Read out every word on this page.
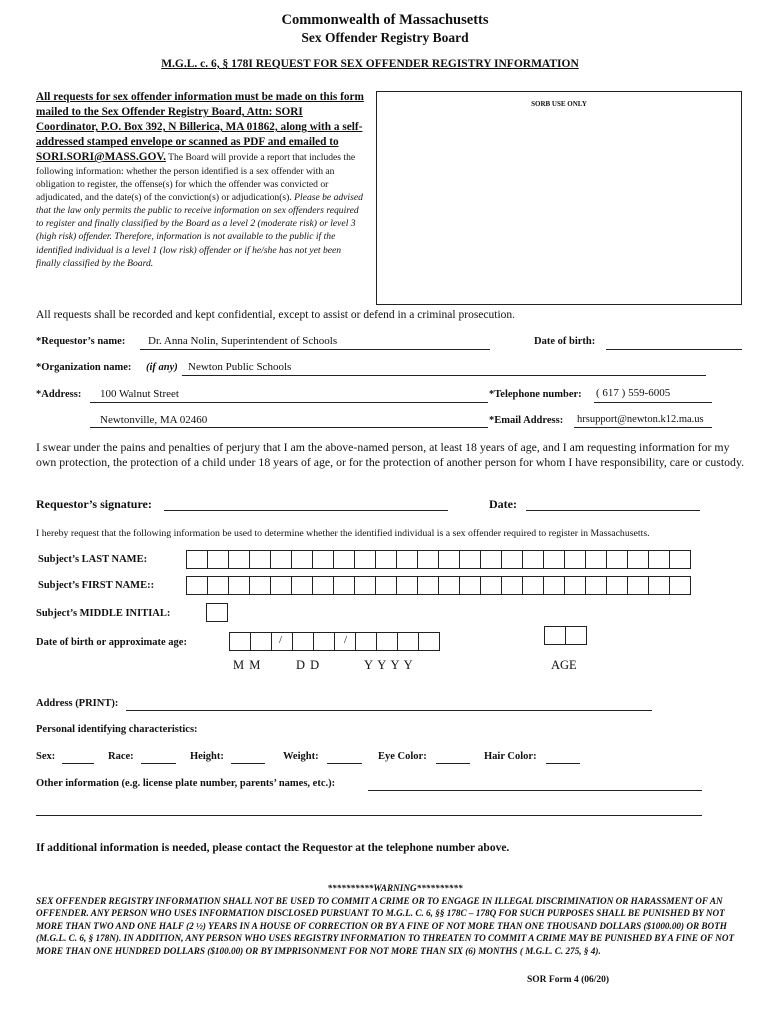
Commonwealth of Massachusetts
Sex Offender Registry Board
M.G.L. c. 6, § 178I REQUEST FOR SEX OFFENDER REGISTRY INFORMATION
All requests for sex offender information must be made on this form mailed to the Sex Offender Registry Board, Attn: SORI Coordinator, P.O. Box 392, N Billerica, MA 01862, along with a self-addressed stamped envelope or scanned as PDF and emailed to SORI.SORI@MASS.GOV. The Board will provide a report that includes the following information: whether the person identified is a sex offender with an obligation to register, the offense(s) for which the offender was convicted or adjudicated, and the date(s) of the conviction(s) or adjudication(s). Please be advised that the law only permits the public to receive information on sex offenders required to register and finally classified by the Board as a level 2 (moderate risk) or level 3 (high risk) offender. Therefore, information is not available to the public if the identified individual is a level 1 (low risk) offender or if he/she has not yet been finally classified by the Board.
SORB USE ONLY
All requests shall be recorded and kept confidential, except to assist or defend in a criminal prosecution.
*Requestor’s name: Dr. Anna Nolin, Superintendent of Schools	Date of birth:
*Organization name: (if any) Newton Public Schools
*Address: 100 Walnut Street	*Telephone number: ( 617 ) 559-6005
Newtonville, MA 02460	*Email Address: hrsupport@newton.k12.ma.us
I swear under the pains and penalties of perjury that I am the above-named person, at least 18 years of age, and I am requesting information for my own protection, the protection of a child under 18 years of age, or for the protection of another person for whom I have responsibility, care or custody.
Requestor’s signature:	Date:
I hereby request that the following information be used to determine whether the identified individual is a sex offender required to register in Massachusetts.
Subject’s LAST NAME:
Subject’s FIRST NAME::
Subject’s MIDDLE INITIAL:
Date of birth or approximate age:	/	/
M M	D D	Y Y Y Y	AGE
Address (PRINT):
Personal identifying characteristics:
Sex:	Race:	Height:	Weight:	Eye Color:	Hair Color:
Other information (e.g. license plate number, parents’ names, etc.):
If additional information is needed, please contact the Requestor at the telephone number above.
**********WARNING**********
SEX OFFENDER REGISTRY INFORMATION SHALL NOT BE USED TO COMMIT A CRIME OR TO ENGAGE IN ILLEGAL DISCRIMINATION OR HARASSMENT OF AN OFFENDER. ANY PERSON WHO USES INFORMATION DISCLOSED PURSUANT TO M.G.L. C. 6, §§ 178C – 178Q FOR SUCH PURPOSES SHALL BE PUNISHED BY NOT MORE THAN TWO AND ONE HALF (2 ½) YEARS IN A HOUSE OF CORRECTION OR BY A FINE OF NOT MORE THAN ONE THOUSAND DOLLARS ($1000.00) OR BOTH (M.G.L. C. 6, § 178N). IN ADDITION, ANY PERSON WHO USES REGISTRY INFORMATION TO THREATEN TO COMMIT A CRIME MAY BE PUNISHED BY A FINE OF NOT MORE THAN ONE HUNDRED DOLLARS ($100.00) OR BY IMPRISONMENT FOR NOT MORE THAN SIX (6) MONTHS ( M.G.L. C. 275, § 4).
SOR Form 4 (06/20)
